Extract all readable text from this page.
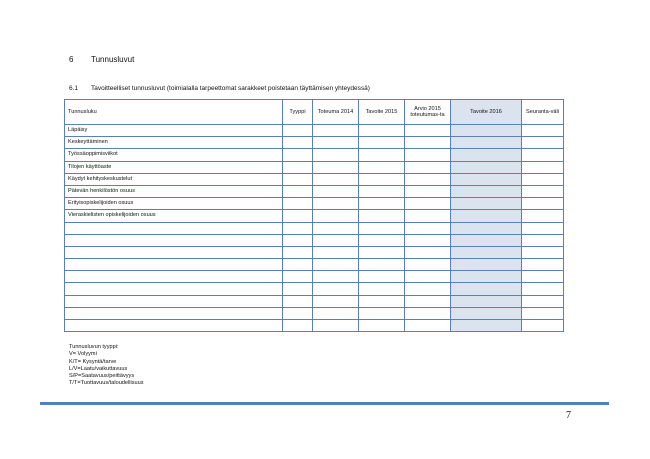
6 Tunnusluvut
6.1 Tavoitteelliset tunnusluvut (toimialalla tarpeettomat sarakkeet poistetaan täyttämisen yhteydessä)
Tunnusluku	Tyyppi	Toteuma 2014	Tavoite 2015	Arvio 2015 toteutumas-ta	Tavoite 2016	Seuranta-väli
Läpäisy						
Keskeyttäminen						
Työssäoppimisviikot						
Tilojen käyttöaste						
Käydyt kehityskeskustelut						
Pätevän henkilöstön osuus						
Erityisopiskelijoiden osuus						
Vieraskielisten opiskelijoiden osuus						

Tunnusluvun tyyppi:
V= Volyymi
K/T= Kysyntä/tarve
L/V=Laatu/vaikuttavuus
S/P=Saatavuus/peittävyys
T/T=Tuottavuus/taloudellisuus
7
